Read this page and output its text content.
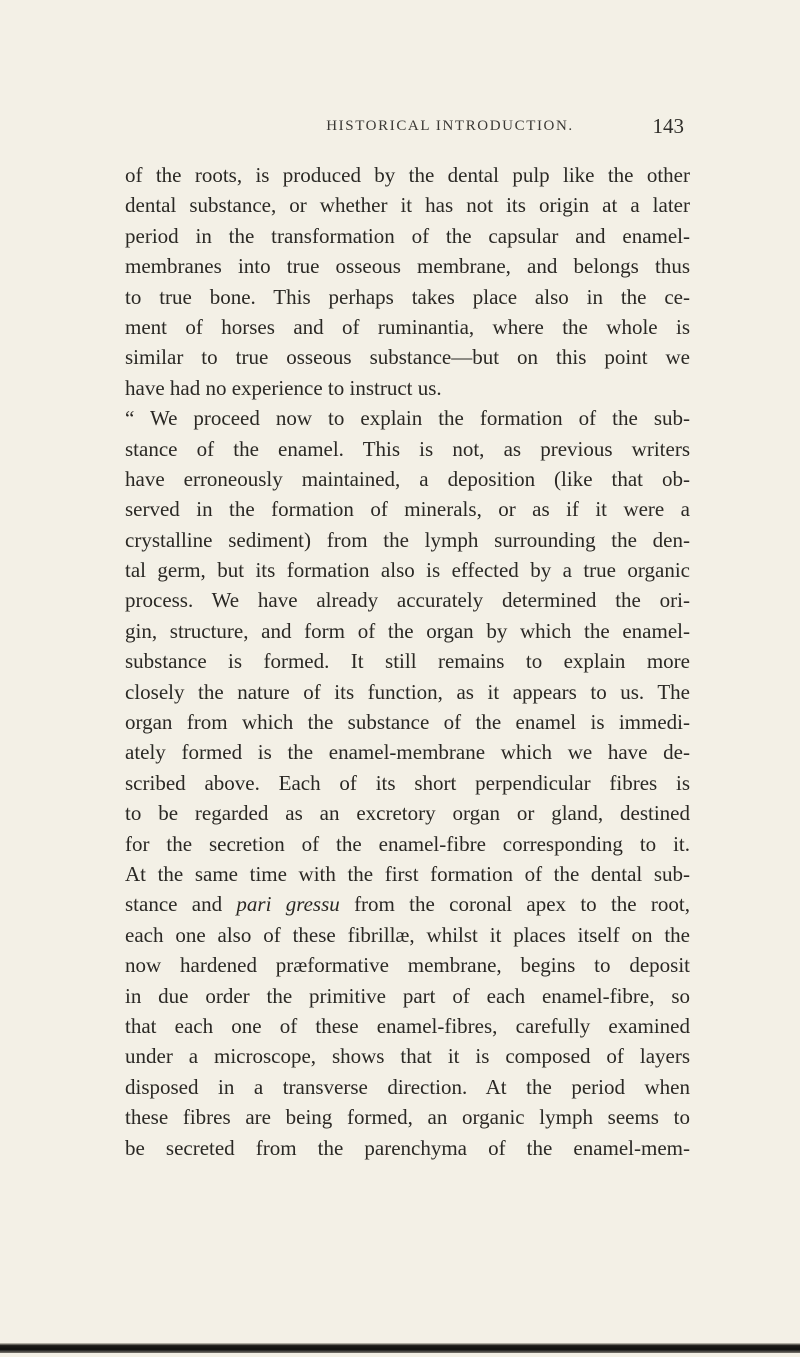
HISTORICAL INTRODUCTION.	143
of the roots, is produced by the dental pulp like the other
dental substance, or whether it has not its origin at a later
period in the transformation of the capsular and enamel-
membranes into true osseous membrane, and belongs thus
to true bone. This perhaps takes place also in the ce-
ment of horses and of ruminantia, where the whole is
similar to true osseous substance—but on this point we
have had no experience to instruct us.
“ We proceed now to explain the formation of the sub-
stance of the enamel. This is not, as previous writers
have erroneously maintained, a deposition (like that ob-
served in the formation of minerals, or as if it were a
crystalline sediment) from the lymph surrounding the den-
tal germ, but its formation also is effected by a true organic
process. We have already accurately determined the ori-
gin, structure, and form of the organ by which the enamel-
substance is formed. It still remains to explain more
closely the nature of its function, as it appears to us. The
organ from which the substance of the enamel is immedi-
ately formed is the enamel-membrane which we have de-
scribed above. Each of its short perpendicular fibres is
to be regarded as an excretory organ or gland, destined
for the secretion of the enamel-fibre corresponding to it.
At the same time with the first formation of the dental sub-
stance and pari gressu from the coronal apex to the root,
each one also of these fibrillæ, whilst it places itself on the
now hardened præformative membrane, begins to deposit
in due order the primitive part of each enamel-fibre, so
that each one of these enamel-fibres, carefully examined
under a microscope, shows that it is composed of layers
disposed in a transverse direction. At the period when
these fibres are being formed, an organic lymph seems to
be secreted from the parenchyma of the enamel-mem-
